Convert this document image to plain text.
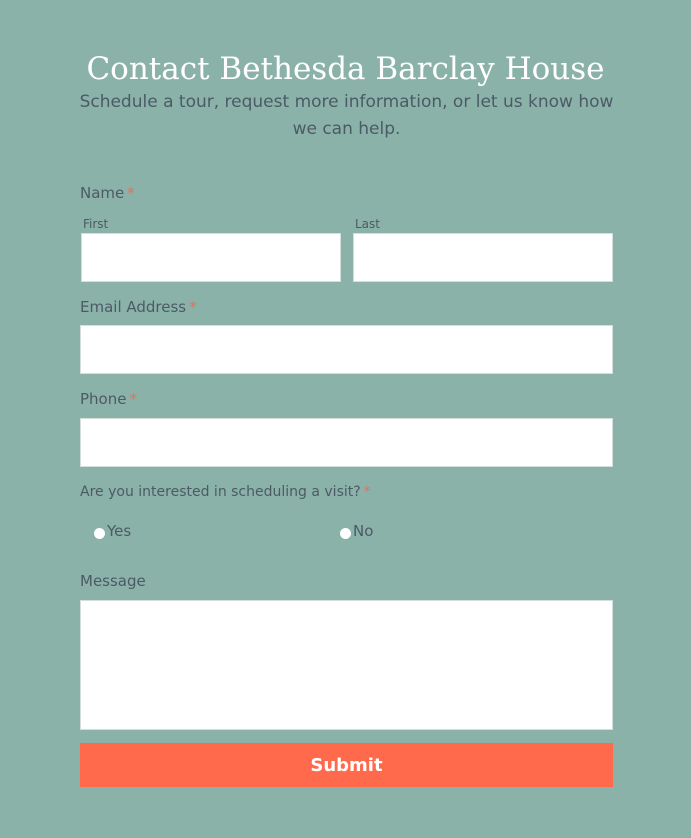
Contact Bethesda Barclay House

Schedule a tour, request more information, or let us know how we can help.

Name *
First	Last
Email Address *
Phone *
Are you interested in scheduling a visit? *
Yes	No
Message
Submit
